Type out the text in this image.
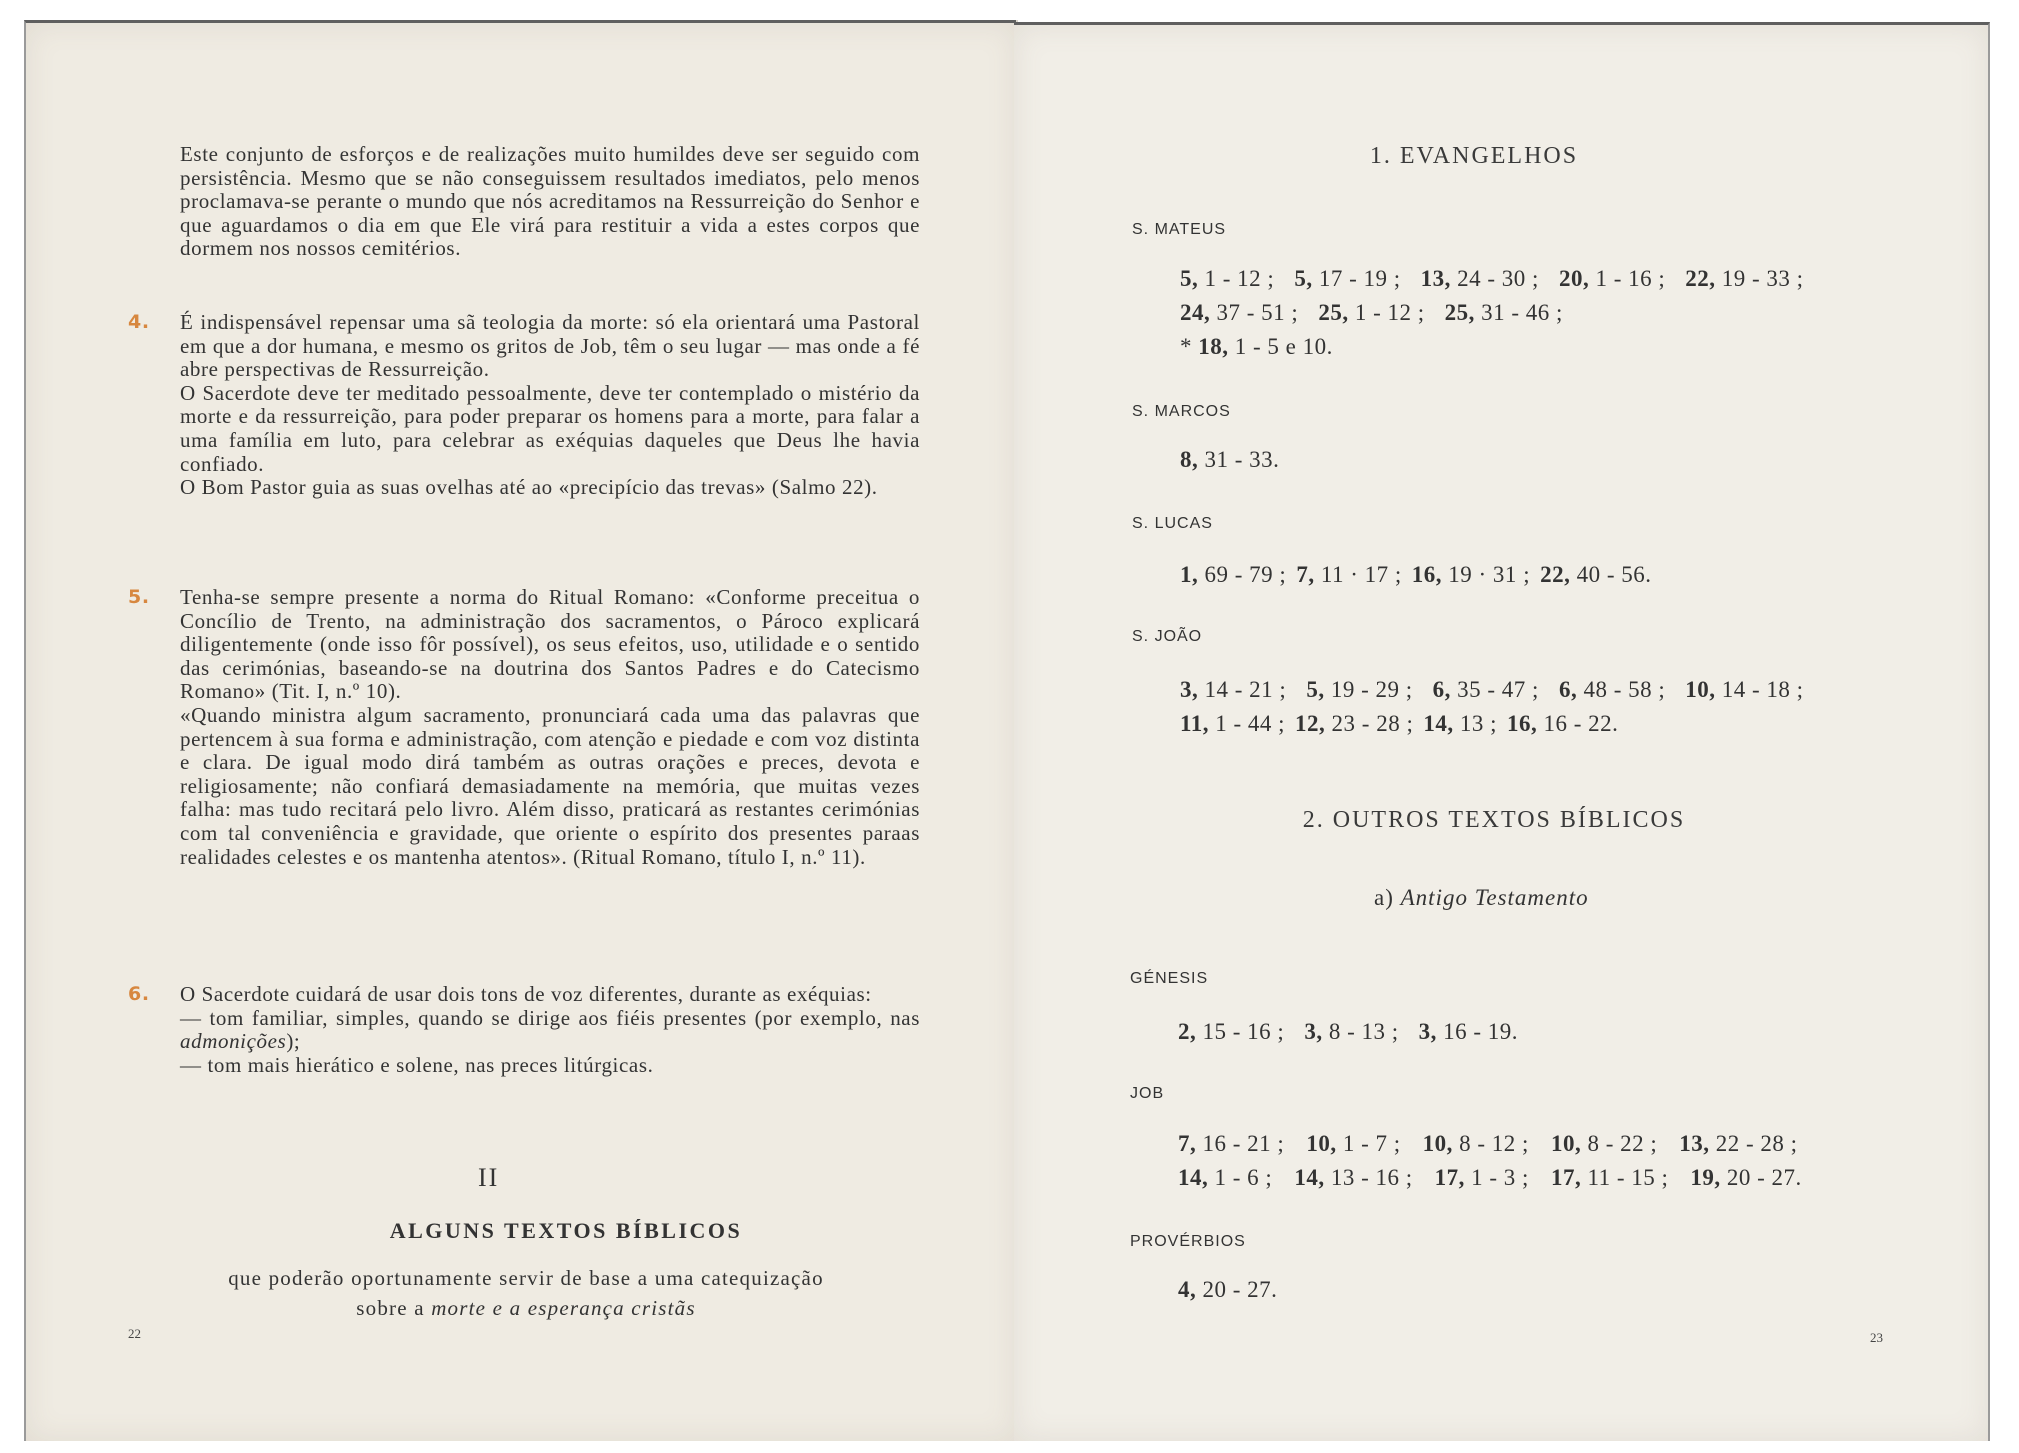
Este conjunto de esforços e de realizações muito humildes deve ser seguido com persistência. Mesmo que se não conseguissem resultados imediatos, pelo menos proclamava-se perante o mundo que nós acreditamos na Ressurreição do Senhor e que aguardamos o dia em que Ele virá para restituir a vida a estes corpos que dormem nos nossos cemitérios.

4. É indispensável repensar uma sã teologia da morte: só ela orientará uma Pastoral em que a dor humana, e mesmo os gritos de Job, têm o seu lugar — mas onde a fé abre perspectivas de Ressurreição.

O Sacerdote deve ter meditado pessoalmente, deve ter contemplado o mistério da morte e da ressurreição, para poder preparar os homens para a morte, para falar a uma família em luto, para celebrar as exéquias daqueles que Deus lhe havia confiado.

O Bom Pastor guia as suas ovelhas até ao «precipício das trevas» (Salmo 22).

5. Tenha-se sempre presente a norma do Ritual Romano: «Conforme preceitua o Concílio de Trento, na administração dos sacramentos, o Pároco explicará diligentemente (onde isso fôr possível), os seus efeitos, uso, utilidade e o sentido das cerimónias, baseando-se na doutrina dos Santos Padres e do Catecismo Romano» (Tit. I, n.º 10).

«Quando ministra algum sacramento, pronunciará cada uma das palavras que pertencem à sua forma e administração, com atenção e piedade e com voz distinta e clara. De igual modo dirá também as outras orações e preces, devota e religiosamente; não confiará demasiadamente na memória, que muitas vezes falha: mas tudo recitará pelo livro. Além disso, praticará as restantes cerimónias com tal conveniência e gravidade, que oriente o espírito dos presentes paraas realidades celestes e os mantenha atentos». (Ritual Romano, título I, n.º 11).

6. O Sacerdote cuidará de usar dois tons de voz diferentes, durante as exéquias:

— tom familiar, simples, quando se dirige aos fiéis presentes (por exemplo, nas admonições);

— tom mais hierático e solene, nas preces litúrgicas.

II
ALGUNS TEXTOS BÍBLICOS
que poderão oportunamente servir de base a uma catequização
sobre a morte e a esperança cristãs
22
1. EVANGELHOS
S. MATEUS
5, 1 - 12 ; 5, 17 - 19 ; 13, 24 - 30 ; 20, 1 - 16 ; 22, 19 - 33 ;
24, 37 - 51 ; 25, 1 - 12 ; 25, 31 - 46 ;
* 18, 1 - 5 e 10.
S. MARCOS
8, 31 - 33.
S. LUCAS
1, 69 - 79 ; 7, 11 · 17 ; 16, 19 · 31 ; 22, 40 - 56.
S. JOÃO
3, 14 - 21 ; 5, 19 - 29 ; 6, 35 - 47 ; 6, 48 - 58 ; 10, 14 - 18 ;
11, 1 - 44 ; 12, 23 - 28 ; 14, 13 ; 16, 16 - 22.
2. OUTROS TEXTOS BÍBLICOS
a) Antigo Testamento
GÉNESIS
2, 15 - 16 ; 3, 8 - 13 ; 3, 16 - 19.
JOB
7, 16 - 21 ; 10, 1 - 7 ; 10, 8 - 12 ; 10, 8 - 22 ; 13, 22 - 28 ;
14, 1 - 6 ; 14, 13 - 16 ; 17, 1 - 3 ; 17, 11 - 15 ; 19, 20 - 27.
PROVÉRBIOS
4, 20 - 27.
23
